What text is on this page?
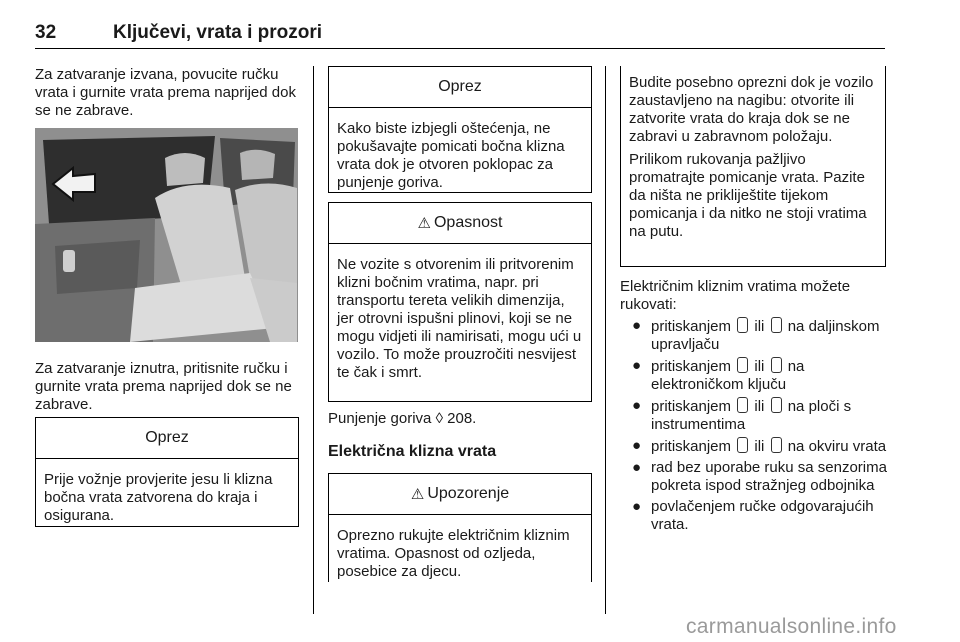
32	Ključevi, vrata i prozori

Za zatvaranje izvana, povucite ručku vrata i gurnite vrata prema naprijed dok se ne zabrave.

Za zatvaranje iznutra, pritisnite ručku i gurnite vrata prema naprijed dok se ne zabrave.

Oprez
Prije vožnje provjerite jesu li klizna bočna vrata zatvorena do kraja i osigurana.
Oprez
Kako biste izbjegli oštećenja, ne pokušavajte pomicati bočna klizna vrata dok je otvoren poklopac za punjenje goriva.
⚠ Opasnost
Ne vozite s otvorenim ili pritvorenim klizni bočnim vratima, napr. pri transportu tereta velikih dimenzija, jer otrovni ispušni plinovi, koji se ne mogu vidjeti ili namirisati, mogu ući u vozilo. To može prouzročiti nesvijest te čak i smrt.

Punjenje goriva ◊ 208.

Električna klizna vrata
⚠ Upozorenje
Oprezno rukujte električnim kliznim vratima. Opasnost od ozljeda, posebice za djecu.
Budite posebno oprezni dok je vozilo zaustavljeno na nagibu: otvorite ili zatvorite vrata do kraja dok se ne zabravi u zabravnom položaju.
Prilikom rukovanja pažljivo promatrajte pomicanje vrata. Pazite da ništa ne prikliještite tijekom pomicanja i da nitko ne stoji vratima na putu.

Električnim kliznim vratima možete rukovati:

● pritiskanjem ili na daljinskom upravljaču
● pritiskanjem ili na elektroničkom ključu
● pritiskanjem ili na ploči s instrumentima
● pritiskanjem ili na okviru vrata
● rad bez uporabe ruku sa senzorima pokreta ispod stražnjeg odbojnika
● povlačenjem ručke odgovarajućih vrata.
carmanualsonline.info
